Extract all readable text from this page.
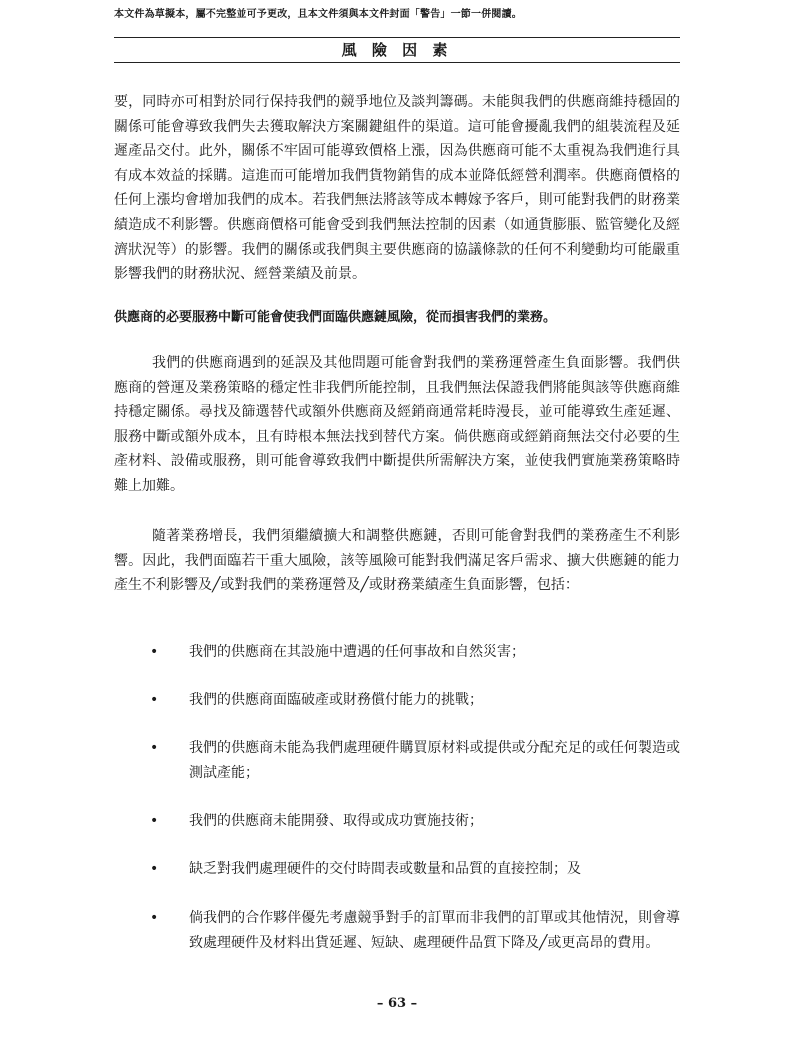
本文件為草擬本，屬不完整並可予更改，且本文件須與本文件封面「警告」一節一併閱讀。
風 險 因 素
要，同時亦可相對於同行保持我們的競爭地位及談判籌碼。未能與我們的供應商維持穩固的關係可能會導致我們失去獲取解決方案關鍵組件的渠道。這可能會擾亂我們的組裝流程及延遲產品交付。此外，關係不牢固可能導致價格上漲，因為供應商可能不太重視為我們進行具有成本效益的採購。這進而可能增加我們貨物銷售的成本並降低經營利潤率。供應商價格的任何上漲均會增加我們的成本。若我們無法將該等成本轉嫁予客戶，則可能對我們的財務業績造成不利影響。供應商價格可能會受到我們無法控制的因素（如通貨膨脹、監管變化及經濟狀況等）的影響。我們的關係或我們與主要供應商的協議條款的任何不利變動均可能嚴重影響我們的財務狀況、經營業績及前景。
供應商的必要服務中斷可能會使我們面臨供應鏈風險，從而損害我們的業務。
我們的供應商遇到的延誤及其他問題可能會對我們的業務運營產生負面影響。我們供應商的營運及業務策略的穩定性非我們所能控制，且我們無法保證我們將能與該等供應商維持穩定關係。尋找及篩選替代或額外供應商及經銷商通常耗時漫長，並可能導致生產延遲、服務中斷或額外成本，且有時根本無法找到替代方案。倘供應商或經銷商無法交付必要的生產材料、設備或服務，則可能會導致我們中斷提供所需解決方案，並使我們實施業務策略時難上加難。
隨著業務增長，我們須繼續擴大和調整供應鏈，否則可能會對我們的業務產生不利影響。因此，我們面臨若干重大風險，該等風險可能對我們滿足客戶需求、擴大供應鏈的能力產生不利影響及╱或對我們的業務運營及╱或財務業績產生負面影響，包括：
• 我們的供應商在其設施中遭遇的任何事故和自然災害；
• 我們的供應商面臨破產或財務償付能力的挑戰；
• 我們的供應商未能為我們處理硬件購買原材料或提供或分配充足的或任何製造或測試產能；
• 我們的供應商未能開發、取得或成功實施技術；
• 缺乏對我們處理硬件的交付時間表或數量和品質的直接控制；及
• 倘我們的合作夥伴優先考慮競爭對手的訂單而非我們的訂單或其他情況，則會導致處理硬件及材料出貨延遲、短缺、處理硬件品質下降及╱或更高昂的費用。
– 63 –
